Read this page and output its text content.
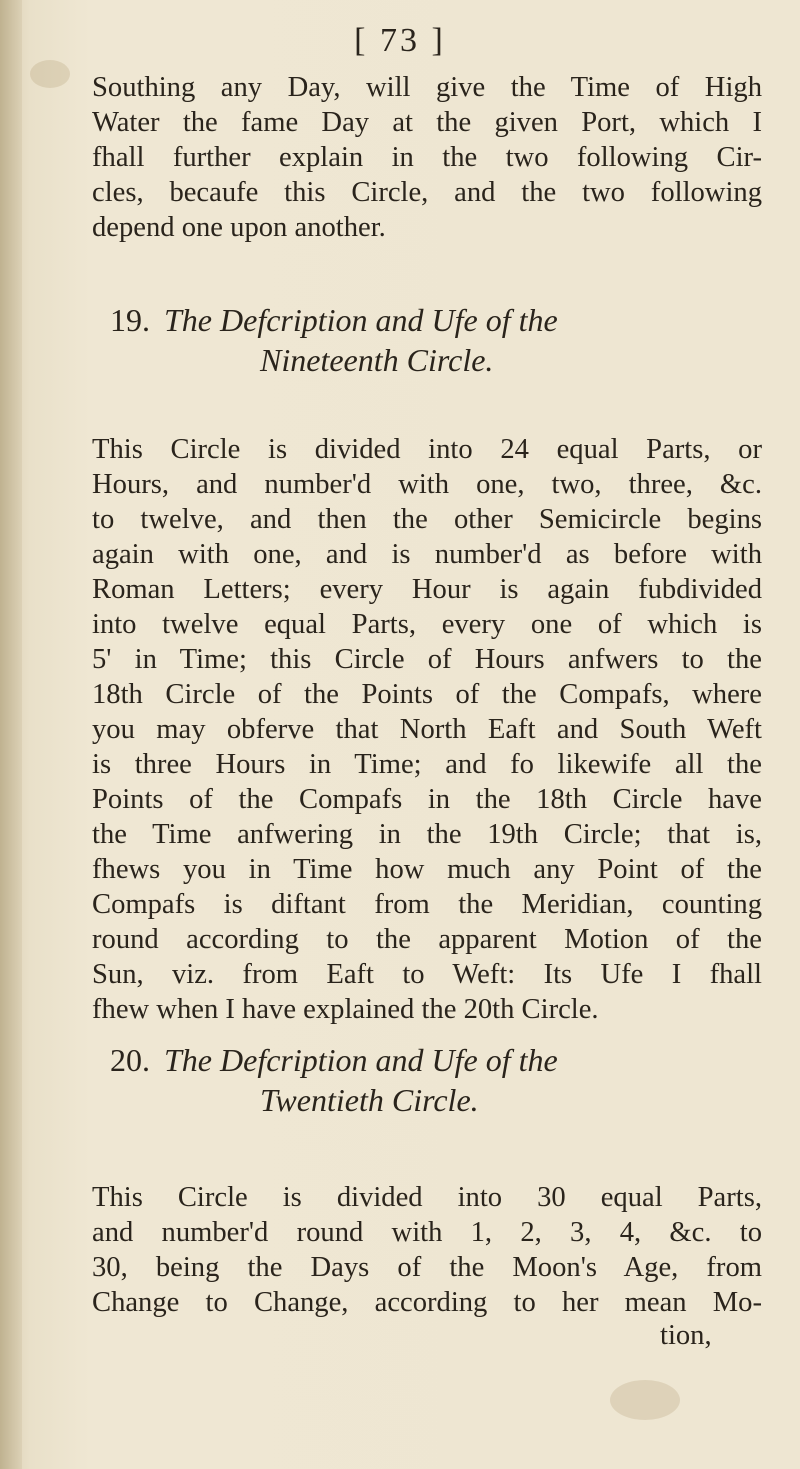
[ 73 ]
Southing any Day, will give the Time of High
Water the fame Day at the given Port, which I
fhall further explain in the two following Cir-
cles, becaufe this Circle, and the two following
depend one upon another.
19. The Defcription and Ufe of the
Nineteenth Circle.
This Circle is divided into 24 equal Parts, or
Hours, and number'd with one, two, three, &c.
to twelve, and then the other Semicircle begins
again with one, and is number'd as before with
Roman Letters; every Hour is again fubdivided
into twelve equal Parts, every one of which is
5' in Time; this Circle of Hours anfwers to the
18th Circle of the Points of the Compafs, where
you may obferve that North Eaft and South Weft
is three Hours in Time; and fo likewife all the
Points of the Compafs in the 18th Circle have
the Time anfwering in the 19th Circle; that is,
fhews you in Time how much any Point of the
Compafs is diftant from the Meridian, counting
round according to the apparent Motion of the
Sun, viz. from Eaft to Weft: Its Ufe I fhall
fhew when I have explained the 20th Circle.
20. The Defcription and Ufe of the
Twentieth Circle.
This Circle is divided into 30 equal Parts,
and number'd round with 1, 2, 3, 4, &c. to
30, being the Days of the Moon's Age, from
Change to Change, according to her mean Mo-
tion,
